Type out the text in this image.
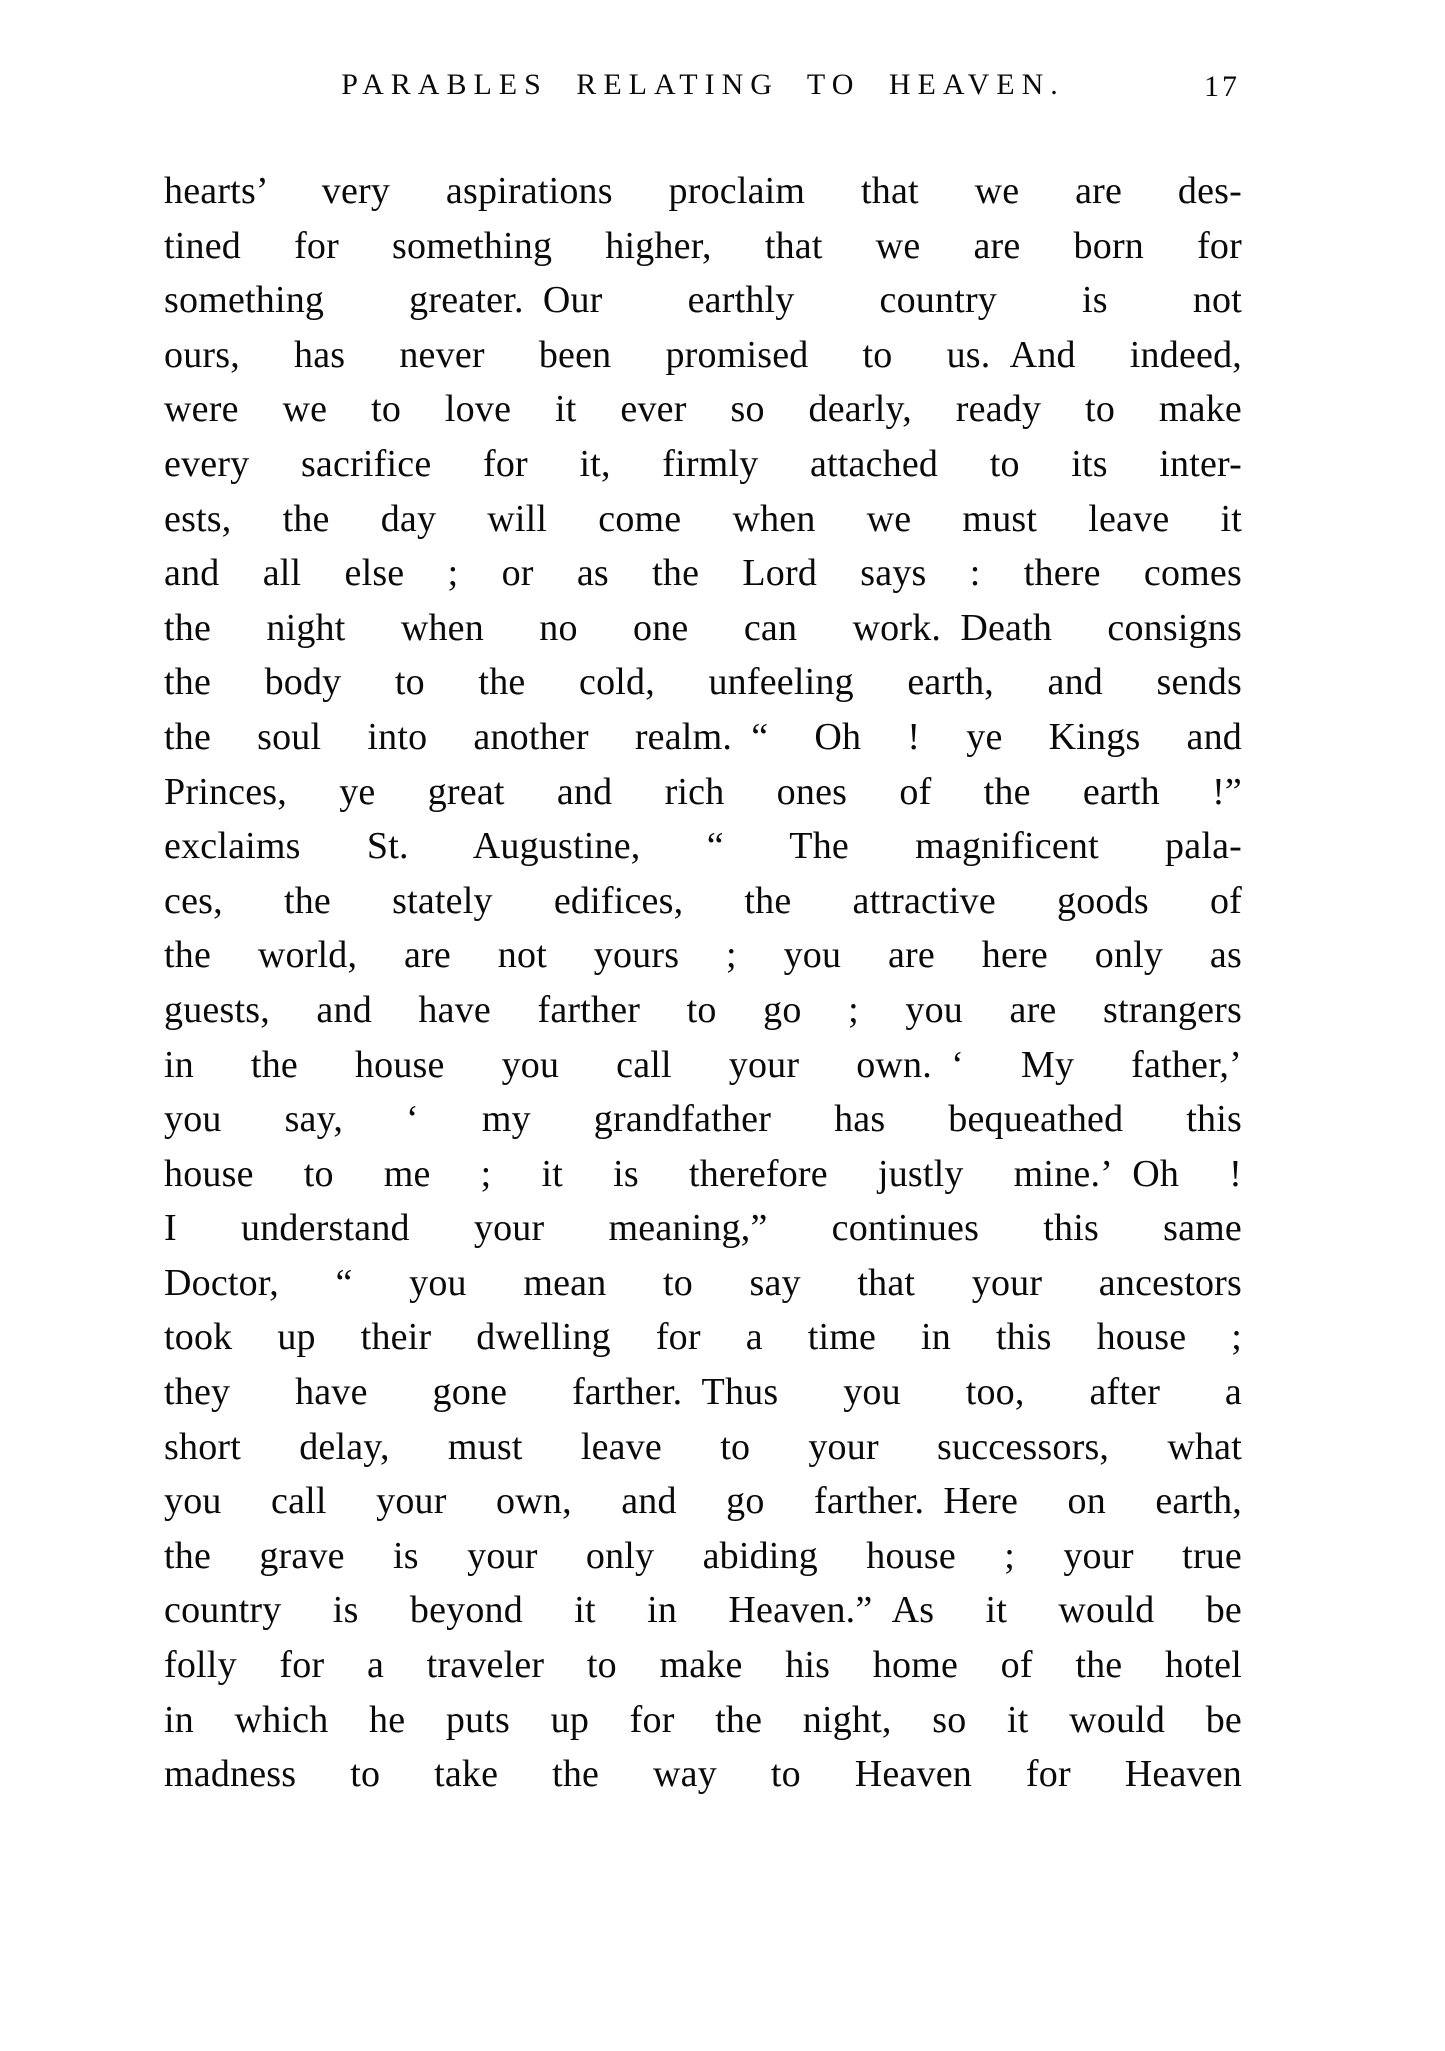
PARABLES RELATING TO HEAVEN.	17
hearts’ very aspirations proclaim that we are des-
tined for something higher, that we are born for
something greater. Our earthly country is not
ours, has never been promised to us. And indeed,
were we to love it ever so dearly, ready to make
every sacrifice for it, firmly attached to its inter-
ests, the day will come when we must leave it
and all else ; or as the Lord says : there comes
the night when no one can work. Death consigns
the body to the cold, unfeeling earth, and sends
the soul into another realm. “ Oh ! ye Kings and
Princes, ye great and rich ones of the earth !”
exclaims St. Augustine, “ The magnificent pala-
ces, the stately edifices, the attractive goods of
the world, are not yours ; you are here only as
guests, and have farther to go ; you are strangers
in the house you call your own. ‘ My father,’
you say, ‘ my grandfather has bequeathed this
house to me ; it is therefore justly mine.’ Oh !
I understand your meaning,” continues this same
Doctor, “ you mean to say that your ancestors
took up their dwelling for a time in this house ;
they have gone farther. Thus you too, after a
short delay, must leave to your successors, what
you call your own, and go farther. Here on earth,
the grave is your only abiding house ; your true
country is beyond it in Heaven.” As it would be
folly for a traveler to make his home of the hotel
in which he puts up for the night, so it would be
madness to take the way to Heaven for Heaven
